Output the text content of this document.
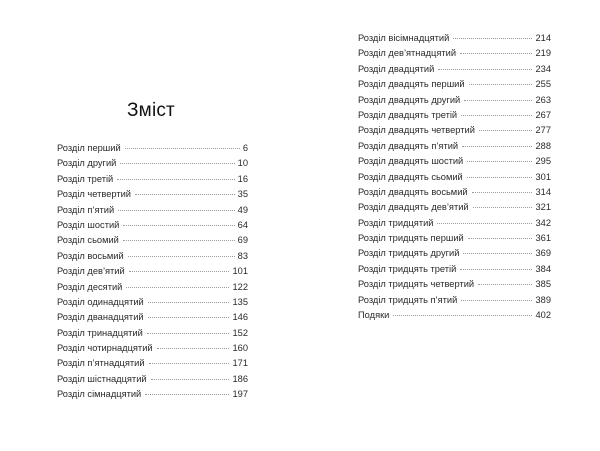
Зміст
Розділ перший	6
Розділ другий	10
Розділ третій	16
Розділ четвертий	35
Розділ п’ятий	49
Розділ шостий	64
Розділ сьомий	69
Розділ восьмий	83
Розділ дев’ятий	101
Розділ десятий	122
Розділ одинадцятий	135
Розділ дванадцятий	146
Розділ тринадцятий	152
Розділ чотирнадцятий	160
Розділ п’ятнадцятий	171
Розділ шістнадцятий	186
Розділ сімнадцятий	197
Розділ вісімнадцятий	214
Розділ дев’ятнадцятий	219
Розділ двадцятий	234
Розділ двадцять перший	255
Розділ двадцять другий	263
Розділ двадцять третій	267
Розділ двадцять четвертий	277
Розділ двадцять п’ятий	288
Розділ двадцять шостий	295
Розділ двадцять сьомий	301
Розділ двадцять восьмий	314
Розділ двадцять дев’ятий	321
Розділ тридцятий	342
Розділ тридцять перший	361
Розділ тридцять другий	369
Розділ тридцять третій	384
Розділ тридцять четвертий	385
Розділ тридцять п’ятий	389
Подяки	402
